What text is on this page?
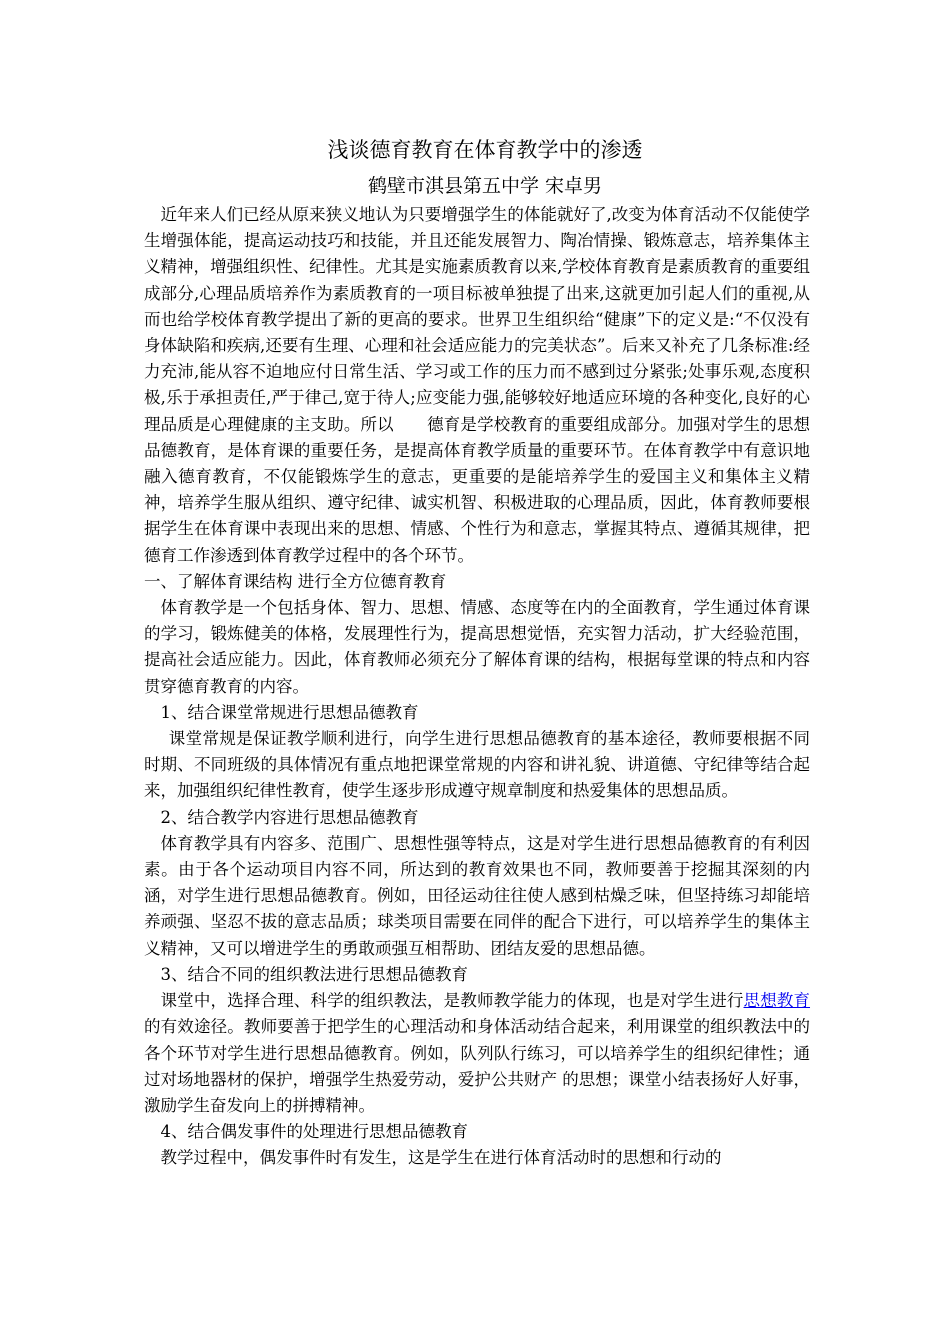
浅谈德育教育在体育教学中的渗透
鹤壁市淇县第五中学 宋卓男

近年来人们已经从原来狭义地认为只要增强学生的体能就好了,改变为体育活动不仅能使学生增强体能，提高运动技巧和技能，并且还能发展智力、陶冶情操、锻炼意志，培养集体主义精神，增强组织性、纪律性。尤其是实施素质教育以来,学校体育教育是素质教育的重要组成部分,心理品质培养作为素质教育的一项目标被单独提了出来,这就更加引起人们的重视,从而也给学校体育教学提出了新的更高的要求。世界卫生组织给“健康”下的定义是:“不仅没有身体缺陷和疾病,还要有生理、心理和社会适应能力的完美状态”。后来又补充了几条标准:经力充沛,能从容不迫地应付日常生活、学习或工作的压力而不感到过分紧张;处事乐观,态度积极,乐于承担责任,严于律己,宽于待人;应变能力强,能够较好地适应环境的各种变化,良好的心理品质是心理健康的主支助。所以　　德育是学校教育的重要组成部分。加强对学生的思想品德教育，是体育课的重要任务，是提高体育教学质量的重要环节。在体育教学中有意识地融入德育教育，不仅能锻炼学生的意志，更重要的是能培养学生的爱国主义和集体主义精神，培养学生服从组织、遵守纪律、诚实机智、积极进取的心理品质，因此，体育教师要根据学生在体育课中表现出来的思想、情感、个性行为和意志，掌握其特点、遵循其规律，把德育工作渗透到体育教学过程中的各个环节。

一、了解体育课结构 进行全方位德育教育

体育教学是一个包括身体、智力、思想、情感、态度等在内的全面教育，学生通过体育课的学习，锻炼健美的体格，发展理性行为，提高思想觉悟，充实智力活动，扩大经验范围，提高社会适应能力。因此，体育教师必须充分了解体育课的结构，根据每堂课的特点和内容贯穿德育教育的内容。

1、结合课堂常规进行思想品德教育

课堂常规是保证教学顺利进行，向学生进行思想品德教育的基本途径，教师要根据不同时期、不同班级的具体情况有重点地把课堂常规的内容和讲礼貌、讲道德、守纪律等结合起来，加强组织纪律性教育，使学生逐步形成遵守规章制度和热爱集体的思想品质。

2、结合教学内容进行思想品德教育

体育教学具有内容多、范围广、思想性强等特点，这是对学生进行思想品德教育的有利因素。由于各个运动项目内容不同，所达到的教育效果也不同，教师要善于挖掘其深刻的内涵，对学生进行思想品德教育。例如，田径运动往往使人感到枯燥乏味，但坚持练习却能培养顽强、坚忍不拔的意志品质；球类项目需要在同伴的配合下进行，可以培养学生的集体主义精神，又可以增进学生的勇敢顽强互相帮助、团结友爱的思想品德。

3、结合不同的组织教法进行思想品德教育

课堂中，选择合理、科学的组织教法，是教师教学能力的体现，也是对学生进行思想教育的有效途径。教师要善于把学生的心理活动和身体活动结合起来，利用课堂的组织教法中的各个环节对学生进行思想品德教育。例如，队列队行练习，可以培养学生的组织纪律性；通过对场地器材的保护，增强学生热爱劳动，爱护公共财产 的思想；课堂小结表扬好人好事，激励学生奋发向上的拼搏精神。

4、结合偶发事件的处理进行思想品德教育

教学过程中，偶发事件时有发生，这是学生在进行体育活动时的思想和行动的
